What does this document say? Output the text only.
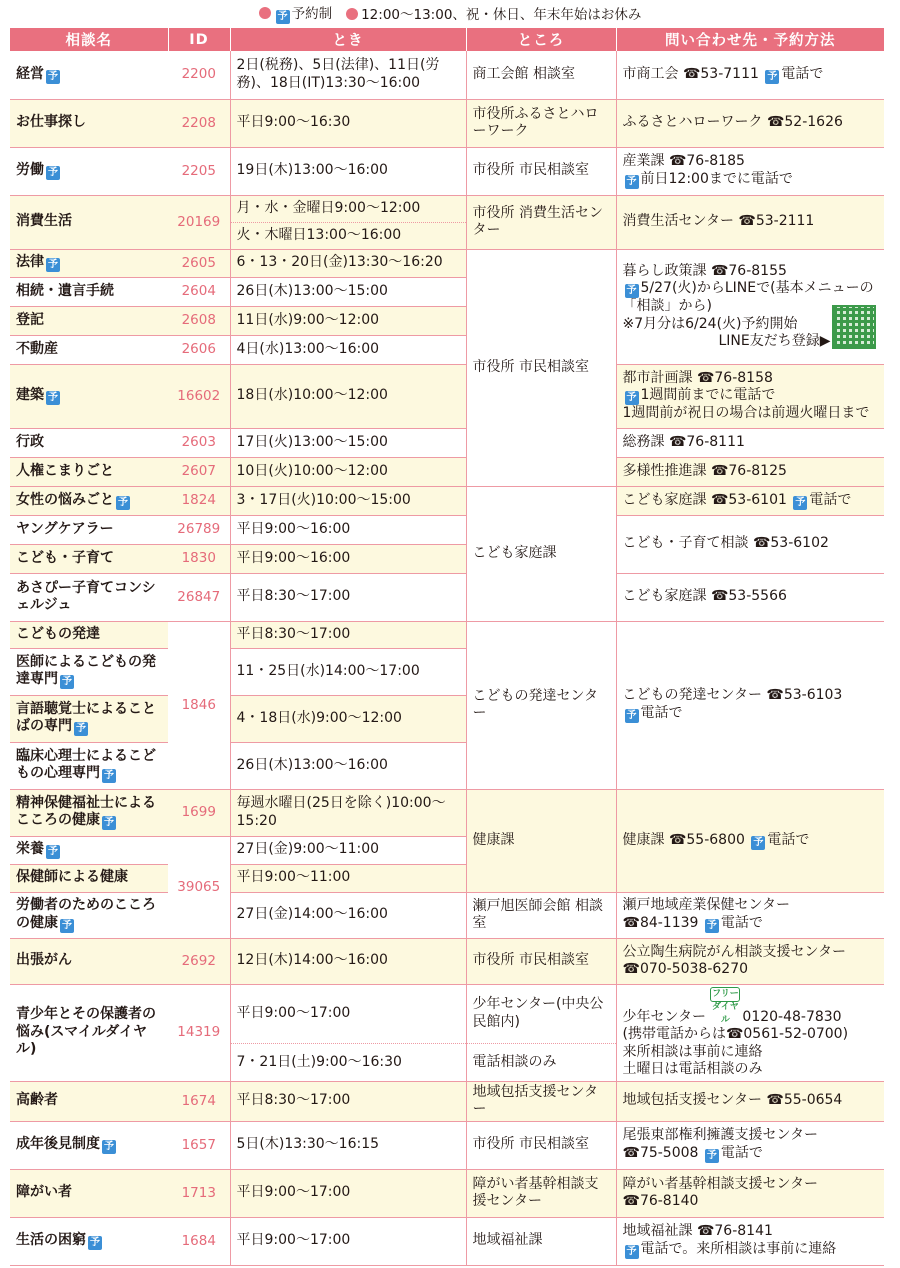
予 予約制	12:00〜13:00、祝・休日、年末年始はお休み
相談名	ID	とき	ところ	問い合わせ先・予約方法
経営 予	2200	2日(税務)、5日(法律)、11日(労務)、18日(IT)13:30〜16:00	商工会館 相談室	市商工会 ☎53-7111 予 電話で
お仕事探し	2208	平日9:00〜16:30	市役所ふるさとハローワーク	ふるさとハローワーク ☎52-1626
労働 予	2205	19日(木)13:00〜16:00	市役所 市民相談室	産業課 ☎76-8185
予 前日12:00までに電話で

消費生活	20169	月・水・金曜日9:00〜12:00	市役所 消費生活センター	消費生活センター ☎53-2111
		火・木曜日13:00〜16:00		
法律 予	2605	6・13・20日(金)13:30〜16:20	市役所 市民相談室	暮らし政策課 ☎76-8155
予 5/27(火)からLINEで(基本メニューの「相談」から)
※7月分は6/24(火)予約開始
LINE友だち登録▶

相続・遺言手続	2604	26日(木)13:00〜15:00		
登記	2608	11日(水)9:00〜12:00		
不動産	2606	4日(水)13:00〜16:00		
建築 予	16602	18日(水)10:00〜12:00		都市計画課 ☎76-8158
予 1週間前までに電話で
1週間前が祝日の場合は前週火曜日まで

行政	2603	17日(火)13:00〜15:00		総務課 ☎76-8111
人権こまりごと	2607	10日(火)10:00〜12:00		多様性推進課 ☎76-8125
女性の悩みごと 予	1824	3・17日(火)10:00〜15:00	こども家庭課	こども家庭課 ☎53-6101 予 電話で
ヤングケアラー	26789	平日9:00〜16:00		こども・子育て相談 ☎53-6102
こども・子育て	1830	平日9:00〜16:00		
あさぴー子育てコンシェルジュ	26847	平日8:30〜17:00		こども家庭課 ☎53-5566
こどもの発達	1846	平日8:30〜17:00	こどもの発達センター	こどもの発達センター ☎53-6103
予 電話で

医師によるこどもの発達専門 予		11・25日(水)14:00〜17:00		
言語聴覚士によることばの専門 予		4・18日(水)9:00〜12:00		
臨床心理士によるこどもの心理専門 予		26日(木)13:00〜16:00		
精神保健福祉士によるこころの健康 予	1699	毎週水曜日(25日を除く)10:00〜15:20	健康課	健康課 ☎55-6800 予 電話で
栄養 予	39065	27日(金)9:00〜11:00		
保健師による健康		平日9:00〜11:00		
労働者のためのこころの健康 予		27日(金)14:00〜16:00	瀬戸旭医師会館 相談室	瀬戸地域産業保健センター
☎84-1139 予 電話で

出張がん	2692	12日(木)14:00〜16:00	市役所 市民相談室	公立陶生病院がん相談支援センター
☎070-5038-6270

青少年とその保護者の悩み(スマイルダイヤル)	14319	平日9:00〜17:00	少年センター(中央公民館内)	少年センター フリーダイヤル 0120-48-7830
(携帯電話からは☎0561-52-0700)
来所相談は事前に連絡
土曜日は電話相談のみ

		7・21日(土)9:00〜16:30	電話相談のみ	
高齢者	1674	平日8:30〜17:00	地域包括支援センター	地域包括支援センター ☎55-0654
成年後見制度 予	1657	5日(木)13:30〜16:15	市役所 市民相談室	尾張東部権利擁護支援センター
☎75-5008 予 電話で

障がい者	1713	平日9:00〜17:00	障がい者基幹相談支援センター	障がい者基幹相談支援センター
☎76-8140

生活の困窮 予	1684	平日9:00〜17:00	地域福祉課	地域福祉課 ☎76-8141
予 電話で。来所相談は事前に連絡
